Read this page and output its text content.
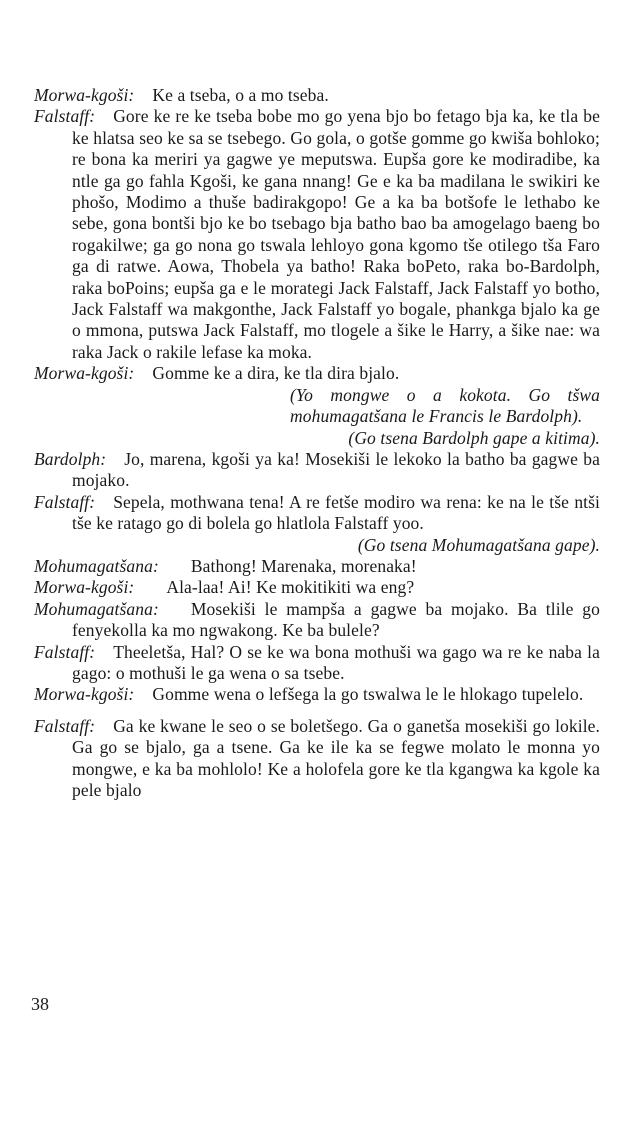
Morwa-kgoši: Ke a tseba, o a mo tseba.

Falstaff: Gore ke re ke tseba bobe mo go yena bjo bo fetago bja ka, ke tla be ke hlatsa seo ke sa se tsebego. Go gola, o gotše gomme go kwiša bohloko; re bona ka meriri ya gagwe ye meputswa. Eupša gore ke modiradibe, ka ntle ga go fahla Kgoši, ke gana nnang! Ge e ka ba madilana le swikiri ke phošo, Modimo a thuše badirakgopo! Ge a ka ba botšofe le lethabo ke sebe, gona bontši bjo ke bo tsebago bja batho bao ba amogelago baeng bo rogakilwe; ga go nona go tswala lehloyo gona kgomo tše otilego tša Faro ga di ratwe. Aowa, Thobela ya batho! Raka boPeto, raka bo-Bardolph, raka boPoins; eupša ga e le morategi Jack Falstaff, Jack Falstaff yo botho, Jack Falstaff wa makgonthe, Jack Falstaff yo bogale, phankga bjalo ka ge o mmona, putswa Jack Falstaff, mo tlogele a šike le Harry, a šike nae: wa raka Jack o rakile lefase ka moka.

Morwa-kgoši: Gomme ke a dira, ke tla dira bjalo.

(Yo mongwe o a kokota. Go tšwa mohumagatšana le Francis le Bardolph).

(Go tsena Bardolph gape a kitima).

Bardolph: Jo, marena, kgoši ya ka! Mosekiši le lekoko la batho ba gagwe ba mojako.

Falstaff: Sepela, mothwana tena! A re fetše modiro wa rena: ke na le tše ntši tše ke ratago go di bolela go hlatlola Falstaff yoo.

(Go tsena Mohumagatšana gape).

Mohumagatšana: Bathong! Marenaka, morenaka!

Morwa-kgoši: Ala-laa! Ai! Ke mokitikiti wa eng?

Mohumagatšana: Mosekiši le mampša a gagwe ba mojako. Ba tlile go fenyekolla ka mo ngwakong. Ke ba bulele?

Falstaff: Theeletša, Hal? O se ke wa bona mothuši wa gago wa re ke naba la gago: o mothuši le ga wena o sa tsebe.

Morwa-kgoši: Gomme wena o lefšega la go tswalwa le le hlokago tupelelo.

Falstaff: Ga ke kwane le seo o se boletšego. Ga o ganetša mosekiši go lokile. Ga go se bjalo, ga a tsene. Ga ke ile ka se fegwe molato le monna yo mongwe, e ka ba mohlolo! Ke a holofela gore ke tla kgangwa ka kgole ka pele bjalo

38
